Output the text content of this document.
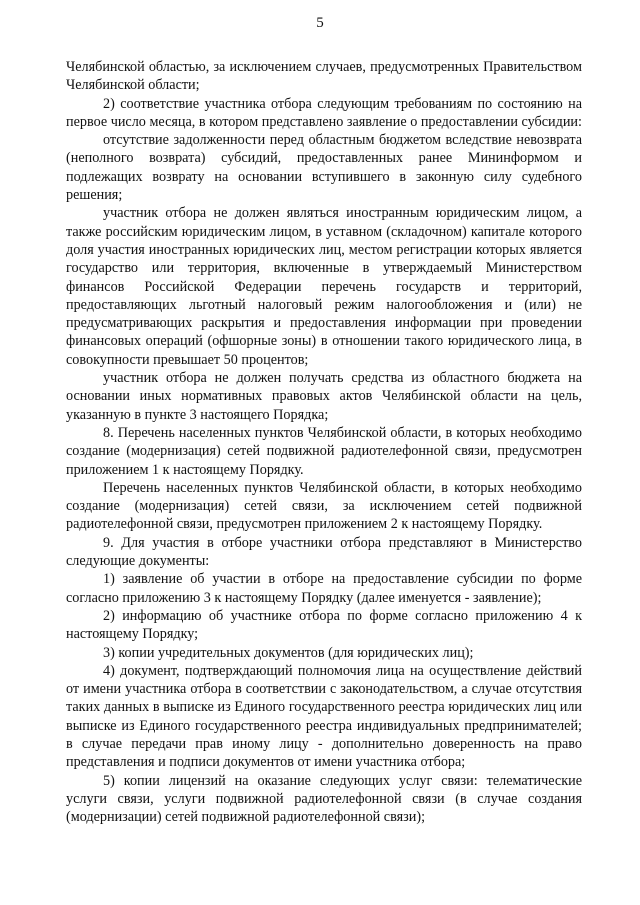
5

Челябинской областью, за исключением случаев, предусмотренных Правительством Челябинской области;

2) соответствие участника отбора следующим требованиям по состоянию на первое число месяца, в котором представлено заявление о предоставлении субсидии:

отсутствие задолженности перед областным бюджетом вследствие невозврата (неполного возврата) субсидий, предоставленных ранее Мининформом и подлежащих возврату на основании вступившего в законную силу судебного решения;

участник отбора не должен являться иностранным юридическим лицом, а также российским юридическим лицом, в уставном (складочном) капитале которого доля участия иностранных юридических лиц, местом регистрации которых является государство или территория, включенные в утверждаемый Министерством финансов Российской Федерации перечень государств и территорий, предоставляющих льготный налоговый режим налогообложения и (или) не предусматривающих раскрытия и предоставления информации при проведении финансовых операций (офшорные зоны) в отношении такого юридического лица, в совокупности превышает 50 процентов;

участник отбора не должен получать средства из областного бюджета на основании иных нормативных правовых актов Челябинской области на цель, указанную в пункте 3 настоящего Порядка;

8. Перечень населенных пунктов Челябинской области, в которых необходимо создание (модернизация) сетей подвижной радиотелефонной связи, предусмотрен приложением 1 к настоящему Порядку.

Перечень населенных пунктов Челябинской области, в которых необходимо создание (модернизация) сетей связи, за исключением сетей подвижной радиотелефонной связи, предусмотрен приложением 2 к настоящему Порядку.

9. Для участия в отборе участники отбора представляют в Министерство следующие документы:

1) заявление об участии в отборе на предоставление субсидии по форме согласно приложению 3 к настоящему Порядку (далее именуется - заявление);

2) информацию об участнике отбора по форме согласно приложению 4 к настоящему Порядку;

3) копии учредительных документов (для юридических лиц);

4) документ, подтверждающий полномочия лица на осуществление действий от имени участника отбора в соответствии с законодательством, а случае отсутствия таких данных в выписке из Единого государственного реестра юридических лиц или выписке из Единого государственного реестра индивидуальных предпринимателей; в случае передачи прав иному лицу - дополнительно доверенность на право представления и подписи документов от имени участника отбора;

5) копии лицензий на оказание следующих услуг связи: телематические услуги связи, услуги подвижной радиотелефонной связи (в случае создания (модернизации) сетей подвижной радиотелефонной связи);
